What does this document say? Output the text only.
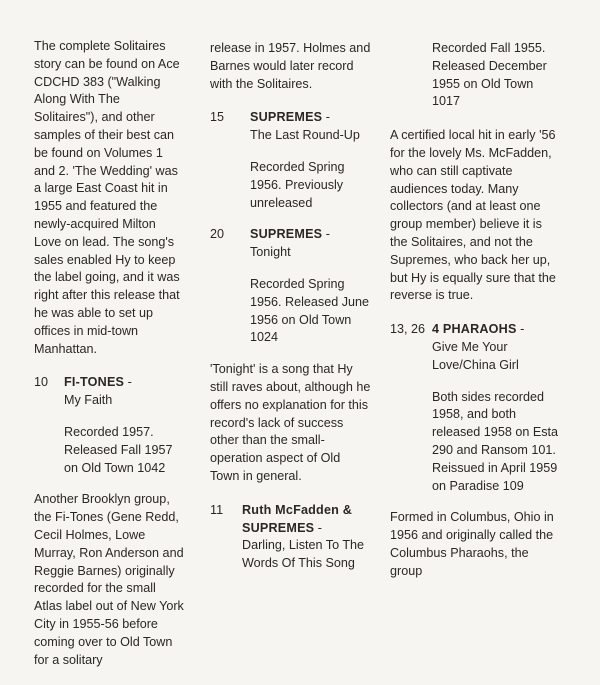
The complete Solitaires story can be found on Ace CDCHD 383 ("Walking Along With The Solitaires"), and other samples of their best can be found on Volumes 1 and 2. 'The Wedding' was a large East Coast hit in 1955 and featured the newly-acquired Milton Love on lead. The song's sales enabled Hy to keep the label going, and it was right after this release that he was able to set up offices in mid-town Manhattan.

10	FI-TONES -
My Faith
Recorded 1957. Released Fall 1957 on Old Town 1042

Another Brooklyn group, the Fi-Tones (Gene Redd, Cecil Holmes, Lowe Murray, Ron Anderson and Reggie Barnes) originally recorded for the small Atlas label out of New York City in 1955-56 before coming over to Old Town for a solitary

release in 1957. Holmes and Barnes would later record with the Solitaires.

15	SUPREMES -
The Last Round-Up
Recorded Spring 1956. Previously unreleased
20	SUPREMES -
Tonight
Recorded Spring 1956. Released June 1956 on Old Town 1024

'Tonight' is a song that Hy still raves about, although he offers no explanation for this record's lack of success other than the small-operation aspect of Old Town in general.

11	Ruth McFadden & SUPREMES -
Darling, Listen To The Words Of This Song

Recorded Fall 1955. Released December 1955 on Old Town 1017

A certified local hit in early '56 for the lovely Ms. McFadden, who can still captivate audiences today. Many collectors (and at least one group member) believe it is the Solitaires, and not the Supremes, who back her up, but Hy is equally sure that the reverse is true.

13, 26 4 PHARAOHS -
Give Me Your Love/China Girl
Both sides recorded 1958, and both released 1958 on Esta 290 and Ransom 101. Reissued in April 1959 on Paradise 109

Formed in Columbus, Ohio in 1956 and originally called the Columbus Pharaohs, the group
